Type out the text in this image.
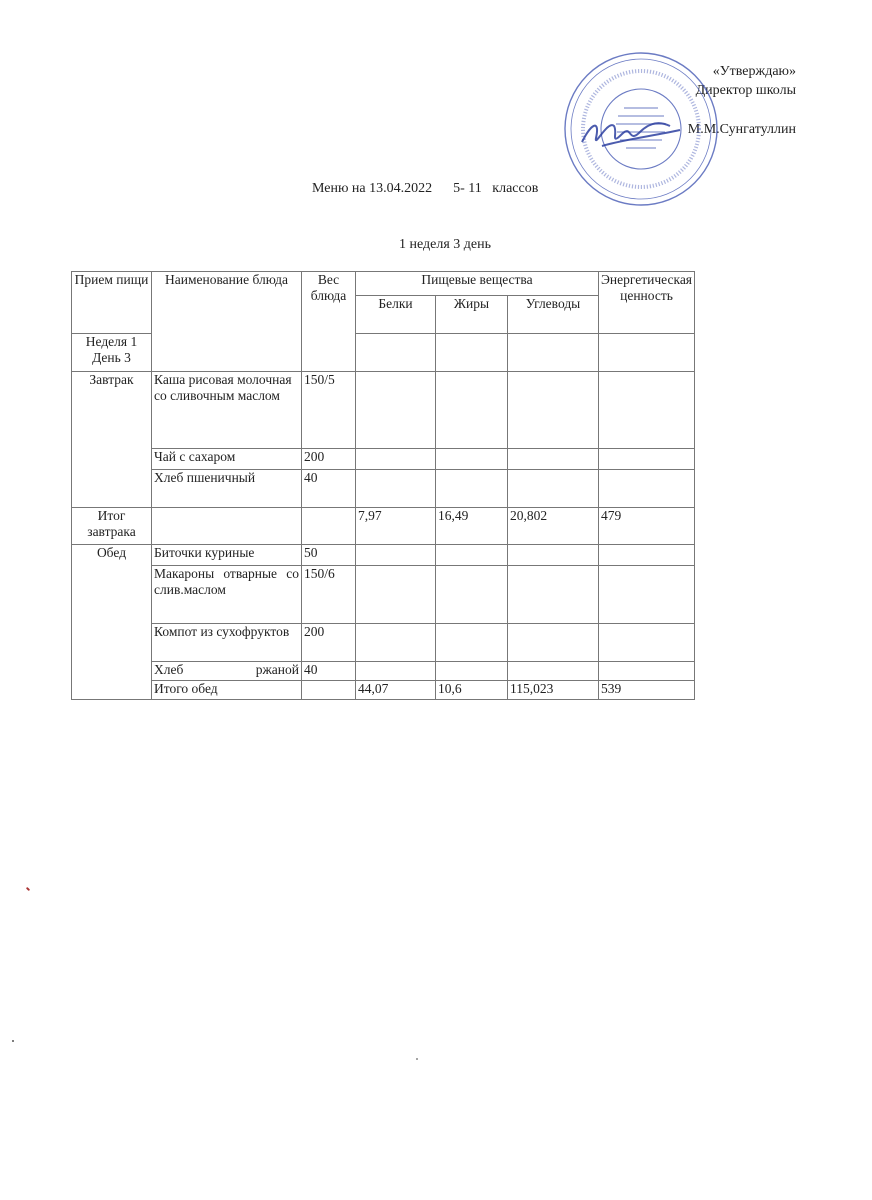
«Утверждаю»
Директор школы
М.М.Сунгатуллин
Меню на 13.04.2022      5- 11   классов
1 неделя 3 день
Прием пищи	Наименование блюда	Вес блюда	Пищевые вещества			Энергетическая ценность
			Белки	Жиры	Углеводы	
Неделя 1 День 3						
Завтрак	Каша рисовая молочная со сливочным маслом	150/5				
	Чай с сахаром	200				
	Хлеб пшеничный	40				
Итог завтрака			7,97	16,49	20,802	479
Обед	Биточки куриные	50				
	Макароны отварные со слив.маслом	150/6				
	Компот из сухофруктов	200				
	Хлеб ржаной	40				
	Итого обед		44,07	10,6	115,023	539
